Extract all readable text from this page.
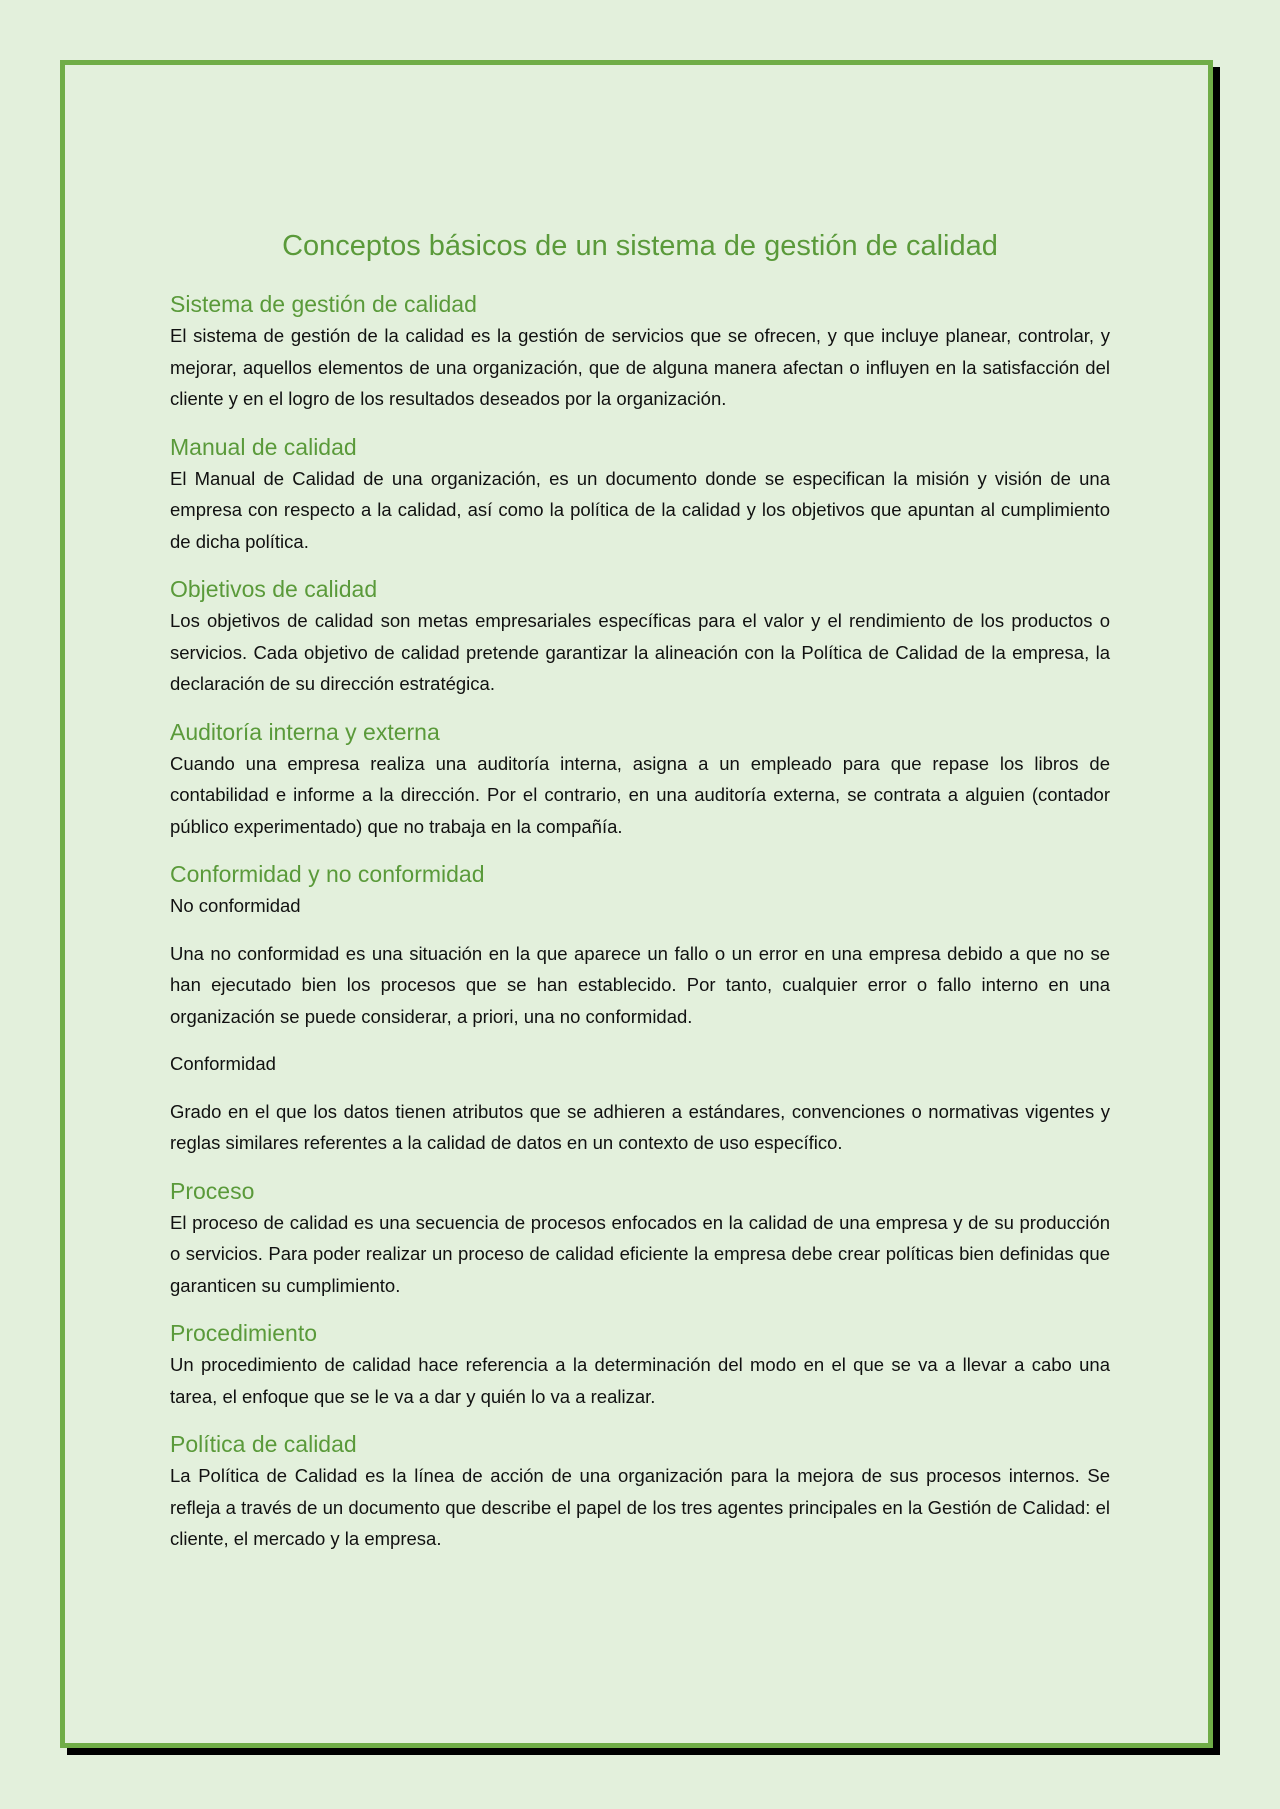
Conceptos básicos de un sistema de gestión de calidad
Sistema de gestión de calidad

El sistema de gestión de la calidad es la gestión de servicios que se ofrecen, y que incluye planear, controlar, y mejorar, aquellos elementos de una organización, que de alguna manera afectan o influyen en la satisfacción del cliente y en el logro de los resultados deseados por la organización.

Manual de calidad

El Manual de Calidad de una organización, es un documento donde se especifican la misión y visión de una empresa con respecto a la calidad, así como la política de la calidad y los objetivos que apuntan al cumplimiento de dicha política.

Objetivos de calidad

Los objetivos de calidad son metas empresariales específicas para el valor y el rendimiento de los productos o servicios. Cada objetivo de calidad pretende garantizar la alineación con la Política de Calidad de la empresa, la declaración de su dirección estratégica.

Auditoría interna y externa

Cuando una empresa realiza una auditoría interna, asigna a un empleado para que repase los libros de contabilidad e informe a la dirección. Por el contrario, en una auditoría externa, se contrata a alguien (contador público experimentado) que no trabaja en la compañía.

Conformidad y no conformidad

No conformidad

Una no conformidad es una situación en la que aparece un fallo o un error en una empresa debido a que no se han ejecutado bien los procesos que se han establecido. Por tanto, cualquier error o fallo interno en una organización se puede considerar, a priori, una no conformidad.

Conformidad

Grado en el que los datos tienen atributos que se adhieren a estándares, convenciones o normativas vigentes y reglas similares referentes a la calidad de datos en un contexto de uso específico.

Proceso

El proceso de calidad es una secuencia de procesos enfocados en la calidad de una empresa y de su producción o servicios. Para poder realizar un proceso de calidad eficiente la empresa debe crear políticas bien definidas que garanticen su cumplimiento.

Procedimiento

Un procedimiento de calidad hace referencia a la determinación del modo en el que se va a llevar a cabo una tarea, el enfoque que se le va a dar y quién lo va a realizar.

Política de calidad

La Política de Calidad es la línea de acción de una organización para la mejora de sus procesos internos. Se refleja a través de un documento que describe el papel de los tres agentes principales en la Gestión de Calidad: el cliente, el mercado y la empresa.
